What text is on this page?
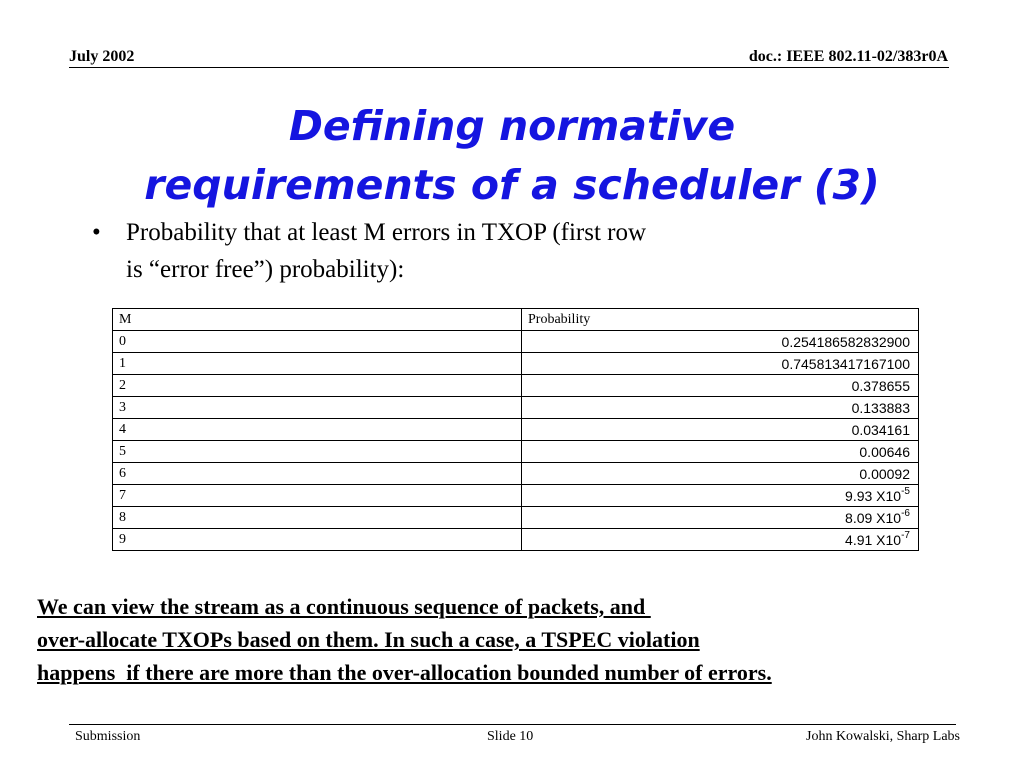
July 2002	doc.: IEEE 802.11-02/383r0A
Defining normative
requirements of a scheduler (3)
• Probability that at least M errors in TXOP (first row
is “error free”) probability):
M	Probability
0	0.254186582832900
1	0.745813417167100
2	0.378655
3	0.133883
4	0.034161
5	0.00646
6	0.00092
7	9.93 $X10^{-5}$
8	8.09 $X10^{-6}$
9	4.91 $X10^{-7}$
We can view the stream as a continuous sequence of packets, and
over-allocate TXOPs based on them. In such a case, a TSPEC violation
happens  if there are more than the over-allocation bounded number of errors.
Submission	Slide 10	John Kowalski, Sharp Labs
